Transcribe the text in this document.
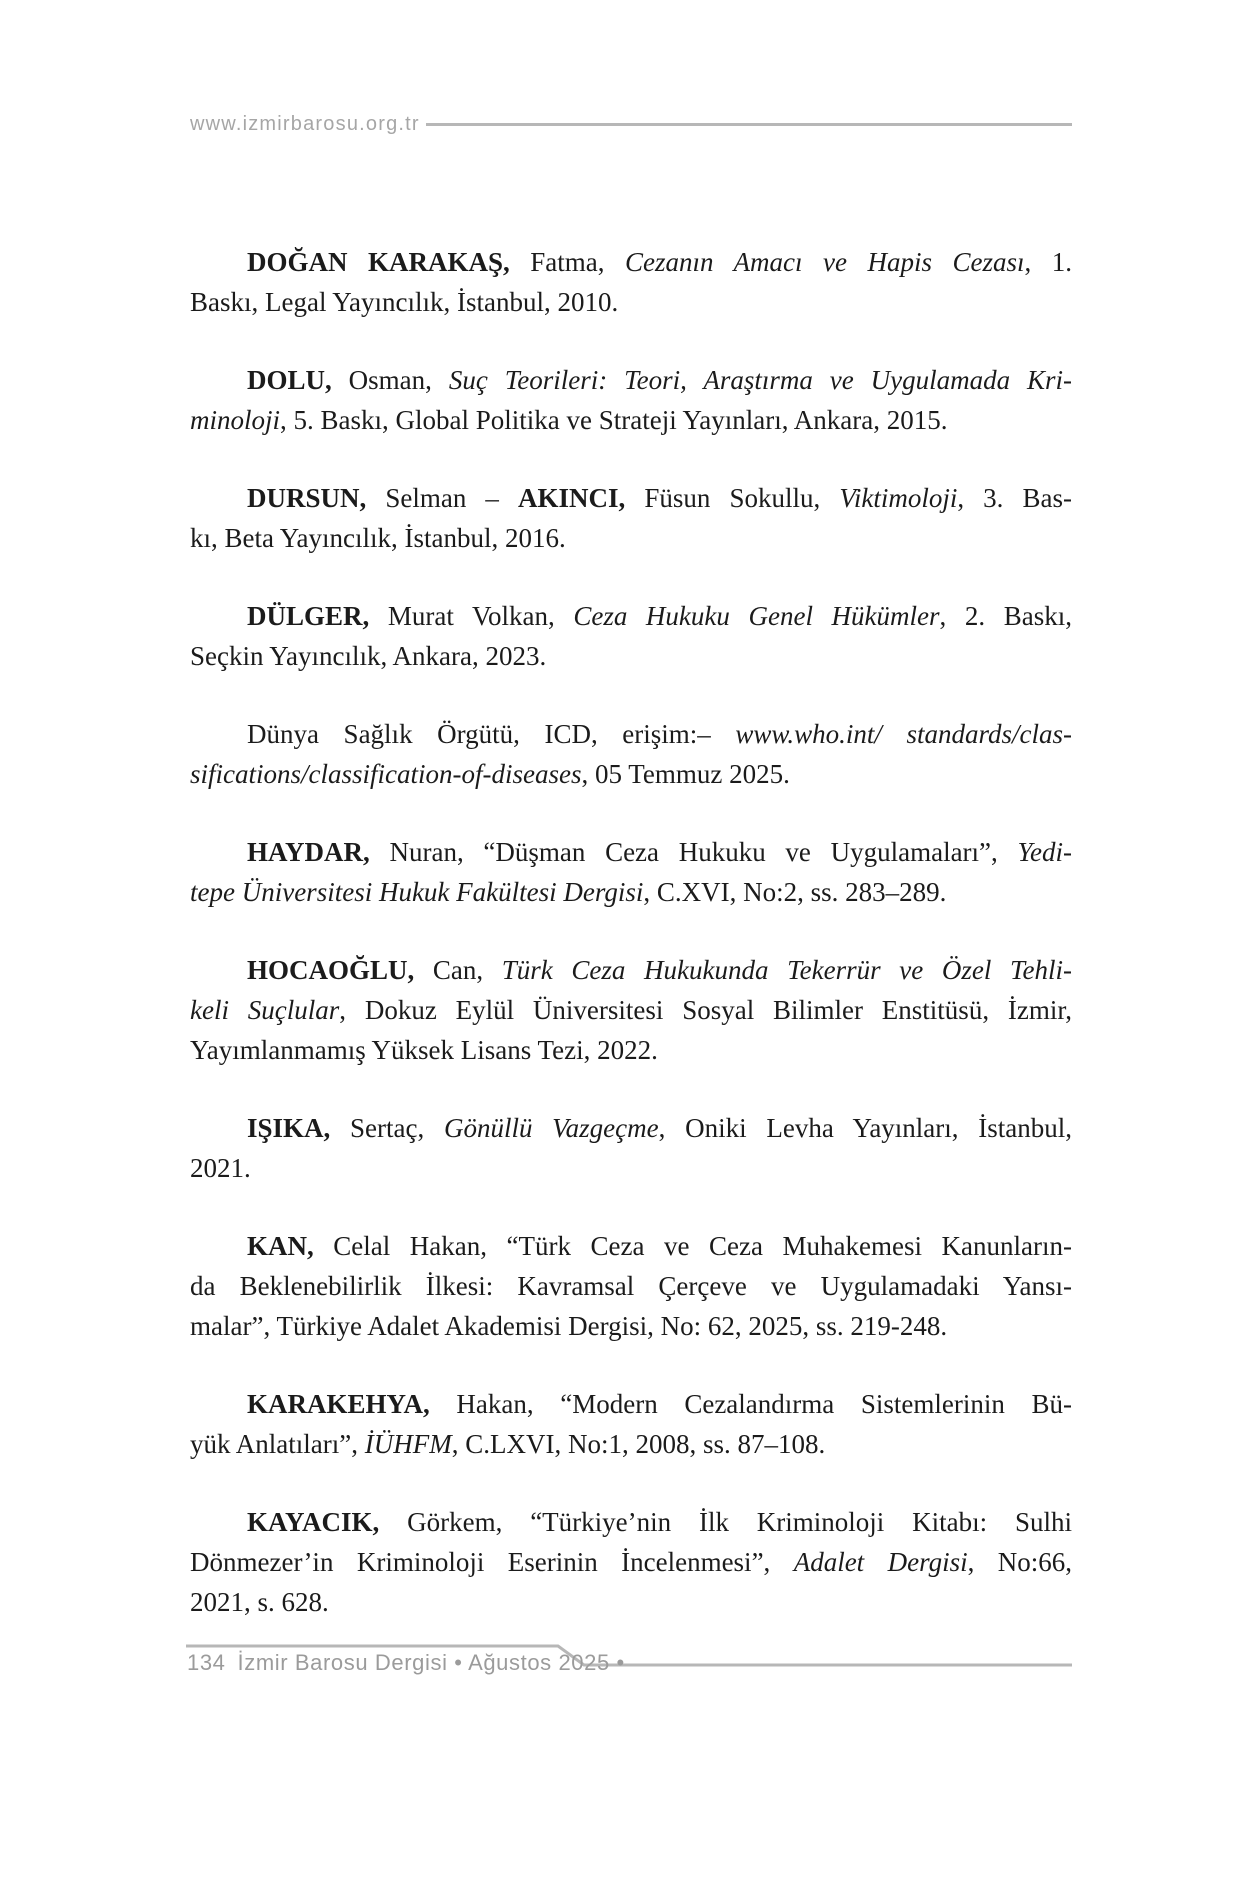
www.izmirbarosu.org.tr
DOĞAN KARAKAŞ, Fatma, Cezanın Amacı ve Hapis Cezası, 1.
Baskı, Legal Yayıncılık, İstanbul, 2010.
DOLU, Osman, Suç Teorileri: Teori, Araştırma ve Uygulamada Kri-
minoloji, 5. Baskı, Global Politika ve Strateji Yayınları, Ankara, 2015.
DURSUN, Selman – AKINCI, Füsun Sokullu, Viktimoloji, 3. Bas-
kı, Beta Yayıncılık, İstanbul, 2016.
DÜLGER, Murat Volkan, Ceza Hukuku Genel Hükümler, 2. Baskı,
Seçkin Yayıncılık, Ankara, 2023.
Dünya Sağlık Örgütü, ICD, erişim:– www.who.int/ standards/clas-
sifications/classification-of-diseases, 05 Temmuz 2025.
HAYDAR, Nuran, “Düşman Ceza Hukuku ve Uygulamaları”, Yedi-
tepe Üniversitesi Hukuk Fakültesi Dergisi, C.XVI, No:2, ss. 283–289.
HOCAOĞLU, Can, Türk Ceza Hukukunda Tekerrür ve Özel Tehli-
keli Suçlular, Dokuz Eylül Üniversitesi Sosyal Bilimler Enstitüsü, İzmir,
Yayımlanmamış Yüksek Lisans Tezi, 2022.
IŞIKA, Sertaç, Gönüllü Vazgeçme, Oniki Levha Yayınları, İstanbul,
2021.
KAN, Celal Hakan, “Türk Ceza ve Ceza Muhakemesi Kanunların-
da Beklenebilirlik İlkesi: Kavramsal Çerçeve ve Uygulamadaki Yansı-
malar”, Türkiye Adalet Akademisi Dergisi, No: 62, 2025, ss. 219-248.
KARAKEHYA, Hakan, “Modern Cezalandırma Sistemlerinin Bü-
yük Anlatıları”, İÜHFM, C.LXVI, No:1, 2008, ss. 87–108.
KAYACIK, Görkem, “Türkiye’nin İlk Kriminoloji Kitabı: Sulhi
Dönmezer’in Kriminoloji Eserinin İncelenmesi”, Adalet Dergisi, No:66,
2021, s. 628.
134 İzmir Barosu Dergisi • Ağustos 2025 •
